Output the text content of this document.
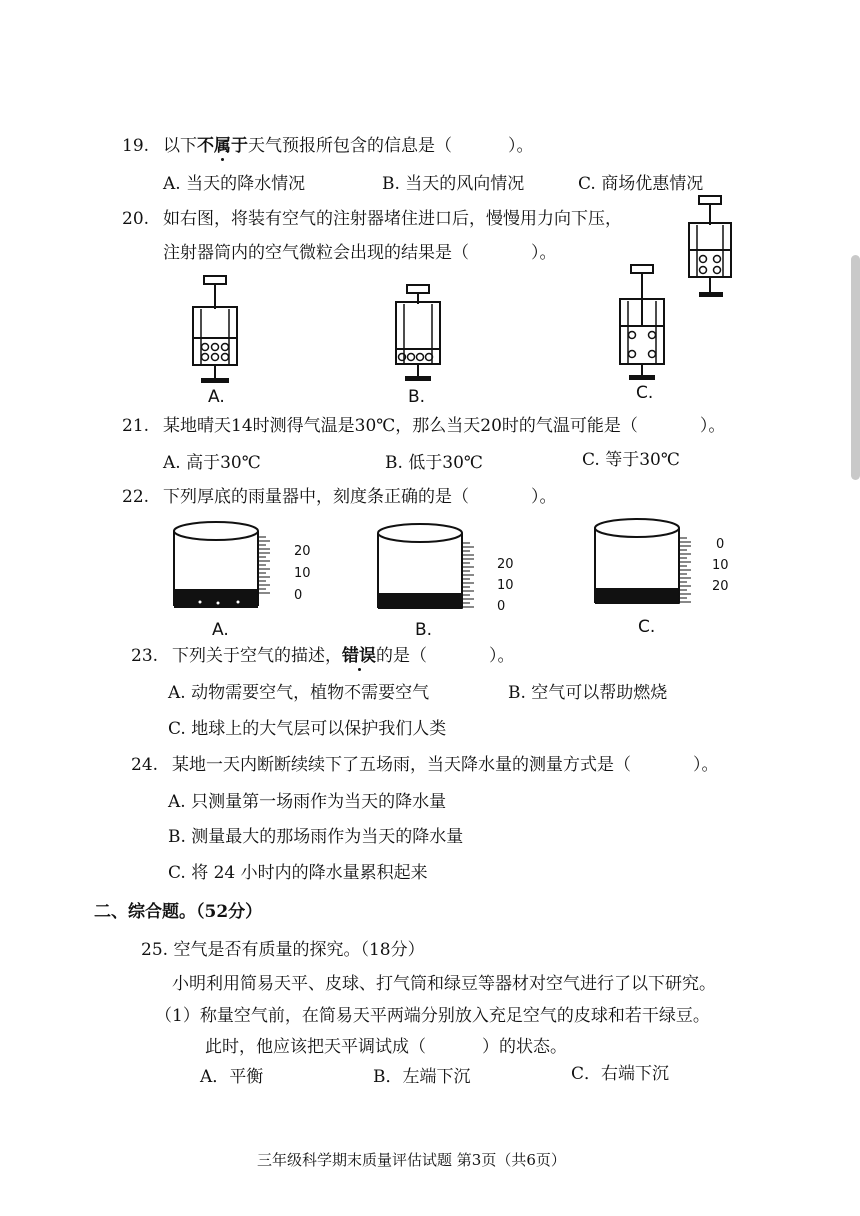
19. 以下不属于天气预报所包含的信息是（	）。
A. 当天的降水情况	B. 当天的风向情况	C. 商场优惠情况
20. 如右图，将装有空气的注射器堵住进口后，慢慢用力向下压，
注射器筒内的空气微粒会出现的结果是（	）。
A.	B.	C.
21. 某地晴天14时测得气温是30℃，那么当天20时的气温可能是（	）。
A. 高于30℃	B. 低于30℃	C. 等于30℃
22. 下列厚底的雨量器中，刻度条正确的是（	）。
20
10
0
A.
20
10
0
B.
0
10
20
C.
23. 下列关于空气的描述，错误的是（	）。
A. 动物需要空气，植物不需要空气	B. 空气可以帮助燃烧
C. 地球上的大气层可以保护我们人类
24. 某地一天内断断续续下了五场雨，当天降水量的测量方式是（	）。
A. 只测量第一场雨作为当天的降水量
B. 测量最大的那场雨作为当天的降水量
C. 将 24 小时内的降水量累积起来
二、综合题。（52分）
25. 空气是否有质量的探究。（18分）
小明利用简易天平、皮球、打气筒和绿豆等器材对空气进行了以下研究。
（1）称量空气前，在简易天平两端分别放入充足空气的皮球和若干绿豆。
此时，他应该把天平调试成（	）的状态。
A．平衡	B．左端下沉	C．右端下沉
三年级科学期末质量评估试题 第3页（共6页）
